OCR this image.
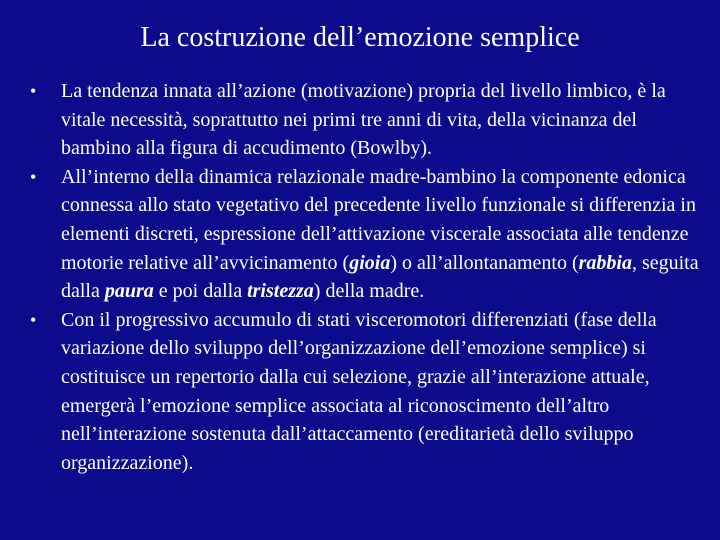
La costruzione dell’emozione semplice
• La tendenza innata all’azione (motivazione) propria del livello limbico, è la vitale necessità, soprattutto nei primi tre anni di vita, della vicinanza del bambino alla figura di accudimento (Bowlby).
• All’interno della dinamica relazionale madre-bambino la componente edonica connessa allo stato vegetativo del precedente livello funzionale si differenzia in elementi discreti, espressione dell’attivazione viscerale associata alle tendenze motorie relative all’avvicinamento (gioia) o all’allontanamento (rabbia, seguita dalla paura e poi dalla tristezza) della madre.
• Con il progressivo accumulo di stati visceromotori differenziati (fase della variazione dello sviluppo dell’organizzazione dell’emozione semplice) si costituisce un repertorio dalla cui selezione, grazie all’interazione attuale, emergerà l’emozione semplice associata al riconoscimento dell’altro nell’interazione sostenuta dall’attaccamento (ereditarietà dello sviluppo organizzazione).
